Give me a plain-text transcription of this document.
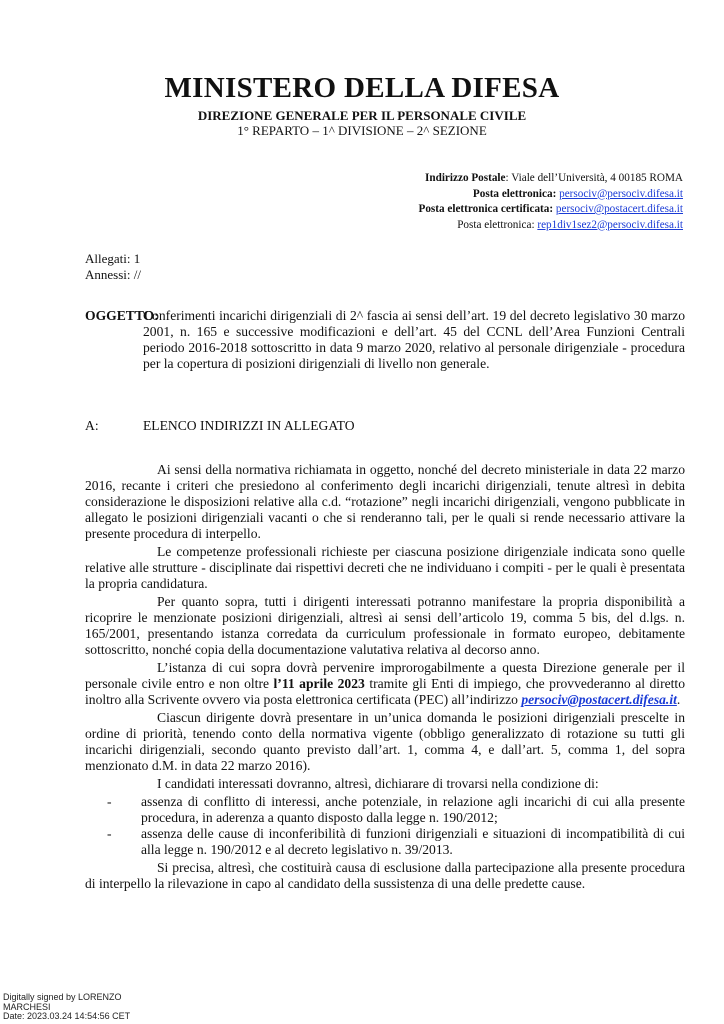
MINISTERO DELLA DIFESA
DIREZIONE GENERALE PER IL PERSONALE CIVILE
1° REPARTO – 1^ DIVISIONE – 2^ SEZIONE
Indirizzo Postale: Viale dell’Università, 4 00185 ROMA
Posta elettronica: persociv@persociv.difesa.it
Posta elettronica certificata: persociv@postacert.difesa.it
Posta elettronica: rep1div1sez2@persociv.difesa.it
Allegati: 1
Annessi: //
OGGETTO:
Conferimenti incarichi dirigenziali di 2^ fascia ai sensi dell’art. 19 del decreto legislativo 30 marzo 2001, n. 165 e successive modificazioni e dell’art. 45 del CCNL dell’Area Funzioni Centrali periodo 2016-2018 sottoscritto in data 9 marzo 2020, relativo al personale dirigenziale - procedura per la copertura di posizioni dirigenziali di livello non generale.
A:	ELENCO INDIRIZZI IN ALLEGATO

Ai sensi della normativa richiamata in oggetto, nonché del decreto ministeriale in data 22 marzo 2016, recante i criteri che presiedono al conferimento degli incarichi dirigenziali, tenute altresì in debita considerazione le disposizioni relative alla c.d. “rotazione” negli incarichi dirigenziali, vengono pubblicate in allegato le posizioni dirigenziali vacanti o che si renderanno tali, per le quali si rende necessario attivare la presente procedura di interpello.

Le competenze professionali richieste per ciascuna posizione dirigenziale indicata sono quelle relative alle strutture - disciplinate dai rispettivi decreti che ne individuano i compiti - per le quali è presentata la propria candidatura.

Per quanto sopra, tutti i dirigenti interessati potranno manifestare la propria disponibilità a ricoprire le menzionate posizioni dirigenziali, altresì ai sensi dell’articolo 19, comma 5 bis, del d.lgs. n. 165/2001, presentando istanza corredata da curriculum professionale in formato europeo, debitamente sottoscritto, nonché copia della documentazione valutativa relativa al decorso anno.

L’istanza di cui sopra dovrà pervenire improrogabilmente a questa Direzione generale per il personale civile entro e non oltre l’11 aprile 2023 tramite gli Enti di impiego, che provvederanno al diretto inoltro alla Scrivente ovvero via posta elettronica certificata (PEC) all’indirizzo persociv@postacert.difesa.it.

Ciascun dirigente dovrà presentare in un’unica domanda le posizioni dirigenziali prescelte in ordine di priorità, tenendo conto della normativa vigente (obbligo generalizzato di rotazione su tutti gli incarichi dirigenziali, secondo quanto previsto dall’art. 1, comma 4, e dall’art. 5, comma 1, del sopra menzionato d.M. in data 22 marzo 2016).

I candidati interessati dovranno, altresì, dichiarare di trovarsi nella condizione di:

- assenza di conflitto di interessi, anche potenziale, in relazione agli incarichi di cui alla presente procedura, in aderenza a quanto disposto dalla legge n. 190/2012;
- assenza delle cause di inconferibilità di funzioni dirigenziali e situazioni di incompatibilità di cui alla legge n. 190/2012 e al decreto legislativo n. 39/2013.

Si precisa, altresì, che costituirà causa di esclusione dalla partecipazione alla presente procedura di interpello la rilevazione in capo al candidato della sussistenza di una delle predette cause.

Digitally signed by LORENZO
MARCHESI
Date: 2023.03.24 14:54:56 CET
